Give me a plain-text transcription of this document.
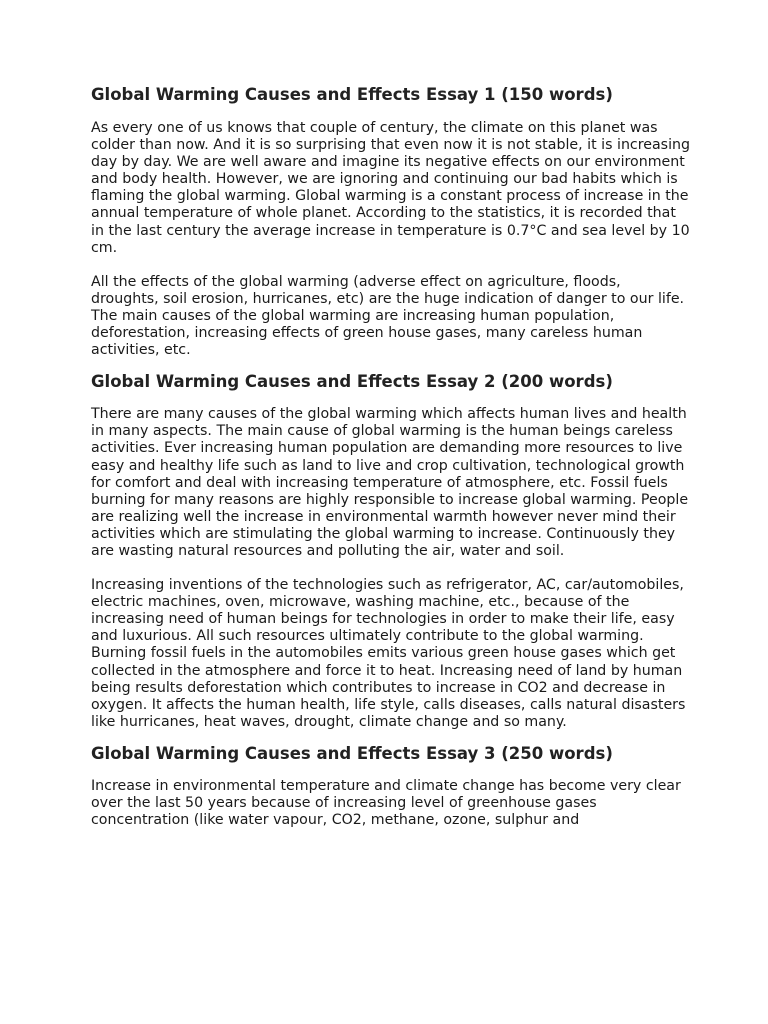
Global Warming Causes and Effects Essay 1 (150 words)

As every one of us knows that couple of century, the climate on this planet was colder than now. And it is so surprising that even now it is not stable, it is increasing day by day. We are well aware and imagine its negative effects on our environment and body health. However, we are ignoring and continuing our bad habits which is flaming the global warming. Global warming is a constant process of increase in the annual temperature of whole planet. According to the statistics, it is recorded that in the last century the average increase in temperature is 0.7°C and sea level by 10 cm.

All the effects of the global warming (adverse effect on agriculture, floods, droughts, soil erosion, hurricanes, etc) are the huge indication of danger to our life. The main causes of the global warming are increasing human population, deforestation, increasing effects of green house gases, many careless human activities, etc.

Global Warming Causes and Effects Essay 2 (200 words)

There are many causes of the global warming which affects human lives and health in many aspects. The main cause of global warming is the human beings careless activities. Ever increasing human population are demanding more resources to live easy and healthy life such as land to live and crop cultivation, technological growth for comfort and deal with increasing temperature of atmosphere, etc. Fossil fuels burning for many reasons are highly responsible to increase global warming. People are realizing well the increase in environmental warmth however never mind their activities which are stimulating the global warming to increase. Continuously they are wasting natural resources and polluting the air, water and soil.

Increasing inventions of the technologies such as refrigerator, AC, car/automobiles, electric machines, oven, microwave, washing machine, etc., because of the increasing need of human beings for technologies in order to make their life, easy and luxurious. All such resources ultimately contribute to the global warming. Burning fossil fuels in the automobiles emits various green house gases which get collected in the atmosphere and force it to heat. Increasing need of land by human being results deforestation which contributes to increase in CO2 and decrease in oxygen. It affects the human health, life style, calls diseases, calls natural disasters like hurricanes, heat waves, drought, climate change and so many.

Global Warming Causes and Effects Essay 3 (250 words)

Increase in environmental temperature and climate change has become very clear over the last 50 years because of increasing level of greenhouse gases concentration (like water vapour, CO2, methane, ozone, sulphur and
